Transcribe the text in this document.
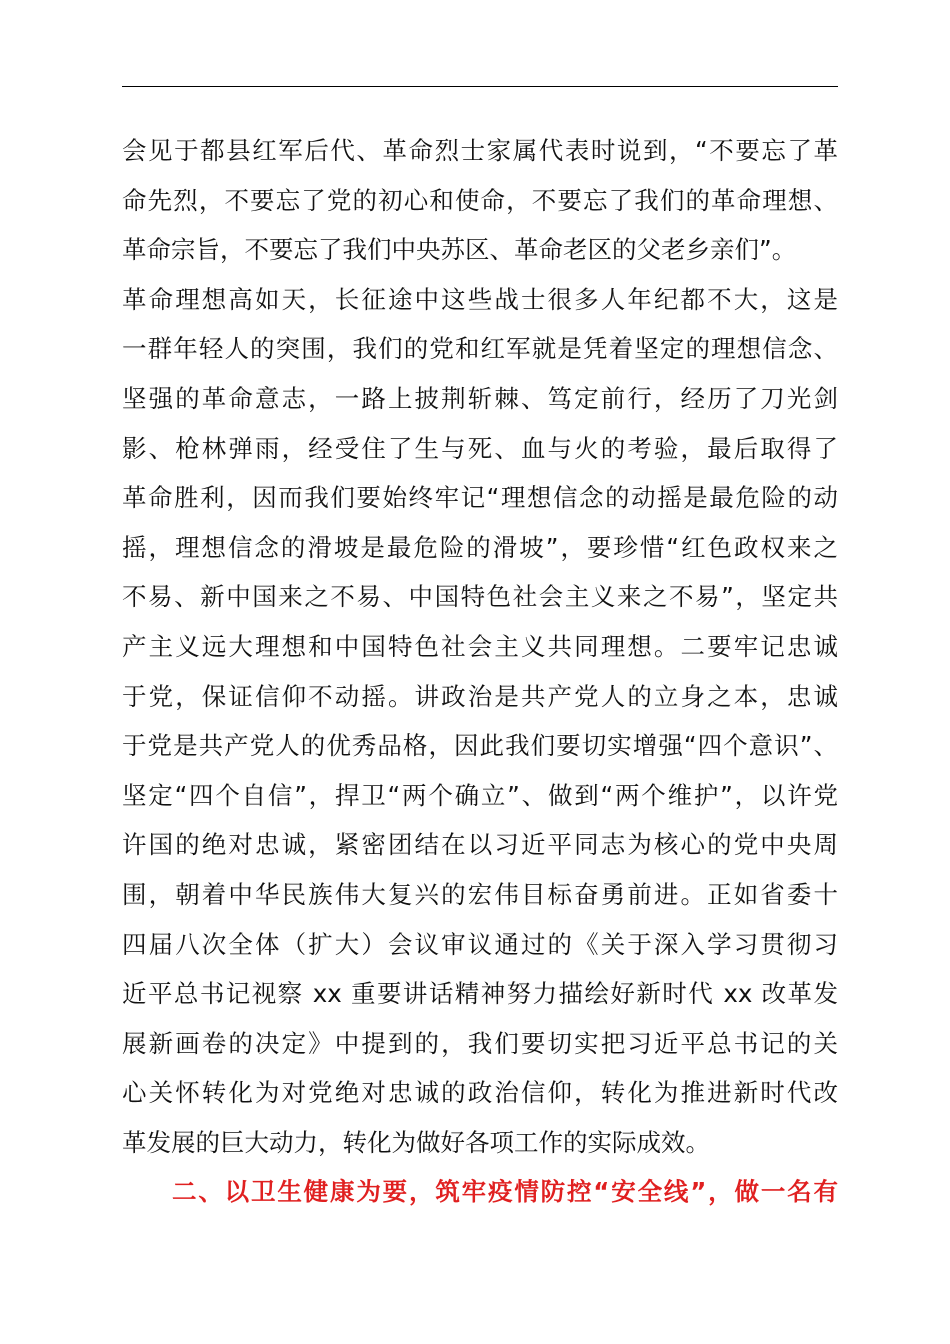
会见于都县红军后代、革命烈士家属代表时说到，“不要忘了革
命先烈，不要忘了党的初心和使命，不要忘了我们的革命理想、
革命宗旨，不要忘了我们中央苏区、革命老区的父老乡亲们”。
革命理想高如天，长征途中这些战士很多人年纪都不大，这是
一群年轻人的突围，我们的党和红军就是凭着坚定的理想信念、
坚强的革命意志，一路上披荆斩棘、笃定前行，经历了刀光剑
影、枪林弹雨，经受住了生与死、血与火的考验，最后取得了
革命胜利，因而我们要始终牢记“理想信念的动摇是最危险的动
摇，理想信念的滑坡是最危险的滑坡”，要珍惜“红色政权来之
不易、新中国来之不易、中国特色社会主义来之不易”，坚定共
产主义远大理想和中国特色社会主义共同理想。二要牢记忠诚
于党，保证信仰不动摇。讲政治是共产党人的立身之本，忠诚
于党是共产党人的优秀品格，因此我们要切实增强“四个意识”、
坚定“四个自信”，捍卫“两个确立”、做到“两个维护”，以许党
许国的绝对忠诚，紧密团结在以习近平同志为核心的党中央周
围，朝着中华民族伟大复兴的宏伟目标奋勇前进。正如省委十
四届八次全体（扩大）会议审议通过的《关于深入学习贯彻习
近平总书记视察 xx 重要讲话精神努力描绘好新时代 xx 改革发
展新画卷的决定》中提到的，我们要切实把习近平总书记的关
心关怀转化为对党绝对忠诚的政治信仰，转化为推进新时代改
革发展的巨大动力，转化为做好各项工作的实际成效。
二、以卫生健康为要，筑牢疫情防控“安全线”，做一名有
